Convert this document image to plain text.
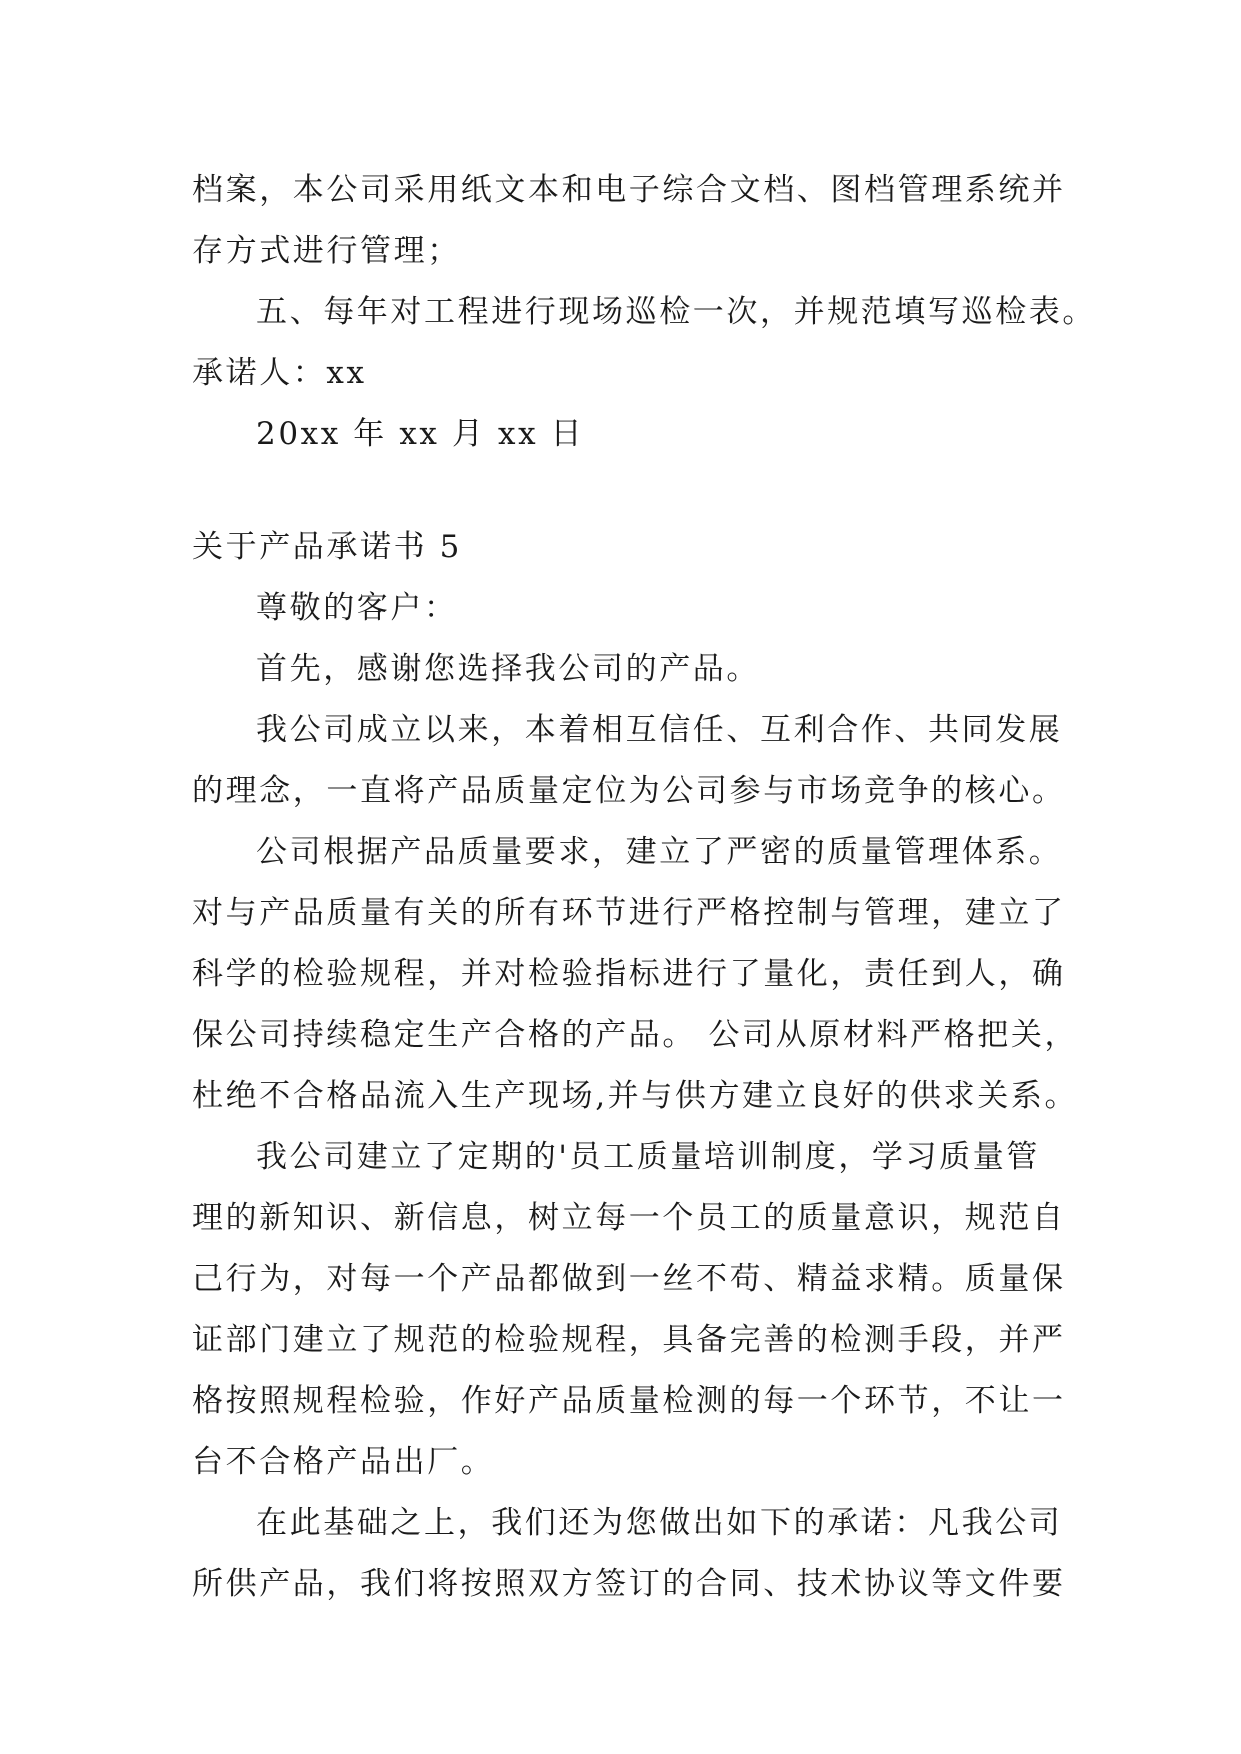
档案，本公司采用纸文本和电子综合文档、图档管理系统并

存方式进行管理；

五、每年对工程进行现场巡检一次，并规范填写巡检表。

承诺人：xx

20xx 年 xx 月 xx 日

关于产品承诺书 5

尊敬的客户：

首先，感谢您选择我公司的产品。

我公司成立以来，本着相互信任、互利合作、共同发展

的理念，一直将产品质量定位为公司参与市场竞争的核心。

公司根据产品质量要求，建立了严密的质量管理体系。

对与产品质量有关的所有环节进行严格控制与管理，建立了

科学的检验规程，并对检验指标进行了量化，责任到人，确

保公司持续稳定生产合格的产品。 公司从原材料严格把关，

杜绝不合格品流入生产现场,并与供方建立良好的供求关系。

我公司建立了定期的'员工质量培训制度，学习质量管

理的新知识、新信息，树立每一个员工的质量意识，规范自

己行为，对每一个产品都做到一丝不苟、精益求精。质量保

证部门建立了规范的检验规程，具备完善的检测手段，并严

格按照规程检验，作好产品质量检测的每一个环节，不让一

台不合格产品出厂。

在此基础之上，我们还为您做出如下的承诺：凡我公司

所供产品，我们将按照双方签订的合同、技术协议等文件要
